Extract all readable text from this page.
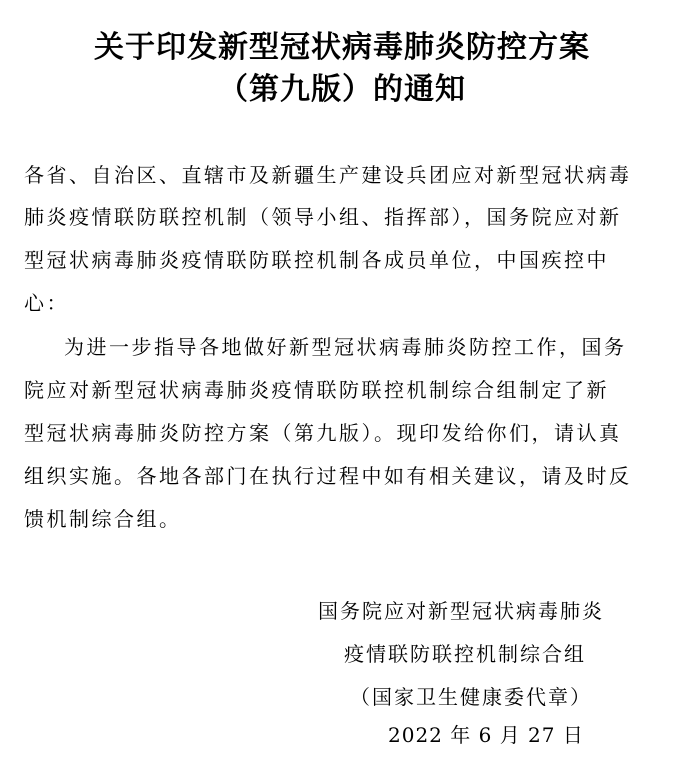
关于印发新型冠状病毒肺炎防控方案
（第九版）的通知
各省、自治区、直辖市及新疆生产建设兵团应对新型冠状病毒
肺炎疫情联防联控机制（领导小组、指挥部），国务院应对新
型冠状病毒肺炎疫情联防联控机制各成员单位，中国疾控中
心：
为进一步指导各地做好新型冠状病毒肺炎防控工作，国务
院应对新型冠状病毒肺炎疫情联防联控机制综合组制定了新
型冠状病毒肺炎防控方案（第九版）。现印发给你们，请认真
组织实施。各地各部门在执行过程中如有相关建议，请及时反
馈机制综合组。
国务院应对新型冠状病毒肺炎
疫情联防联控机制综合组
（国家卫生健康委代章）
2022 年 6 月 27 日
